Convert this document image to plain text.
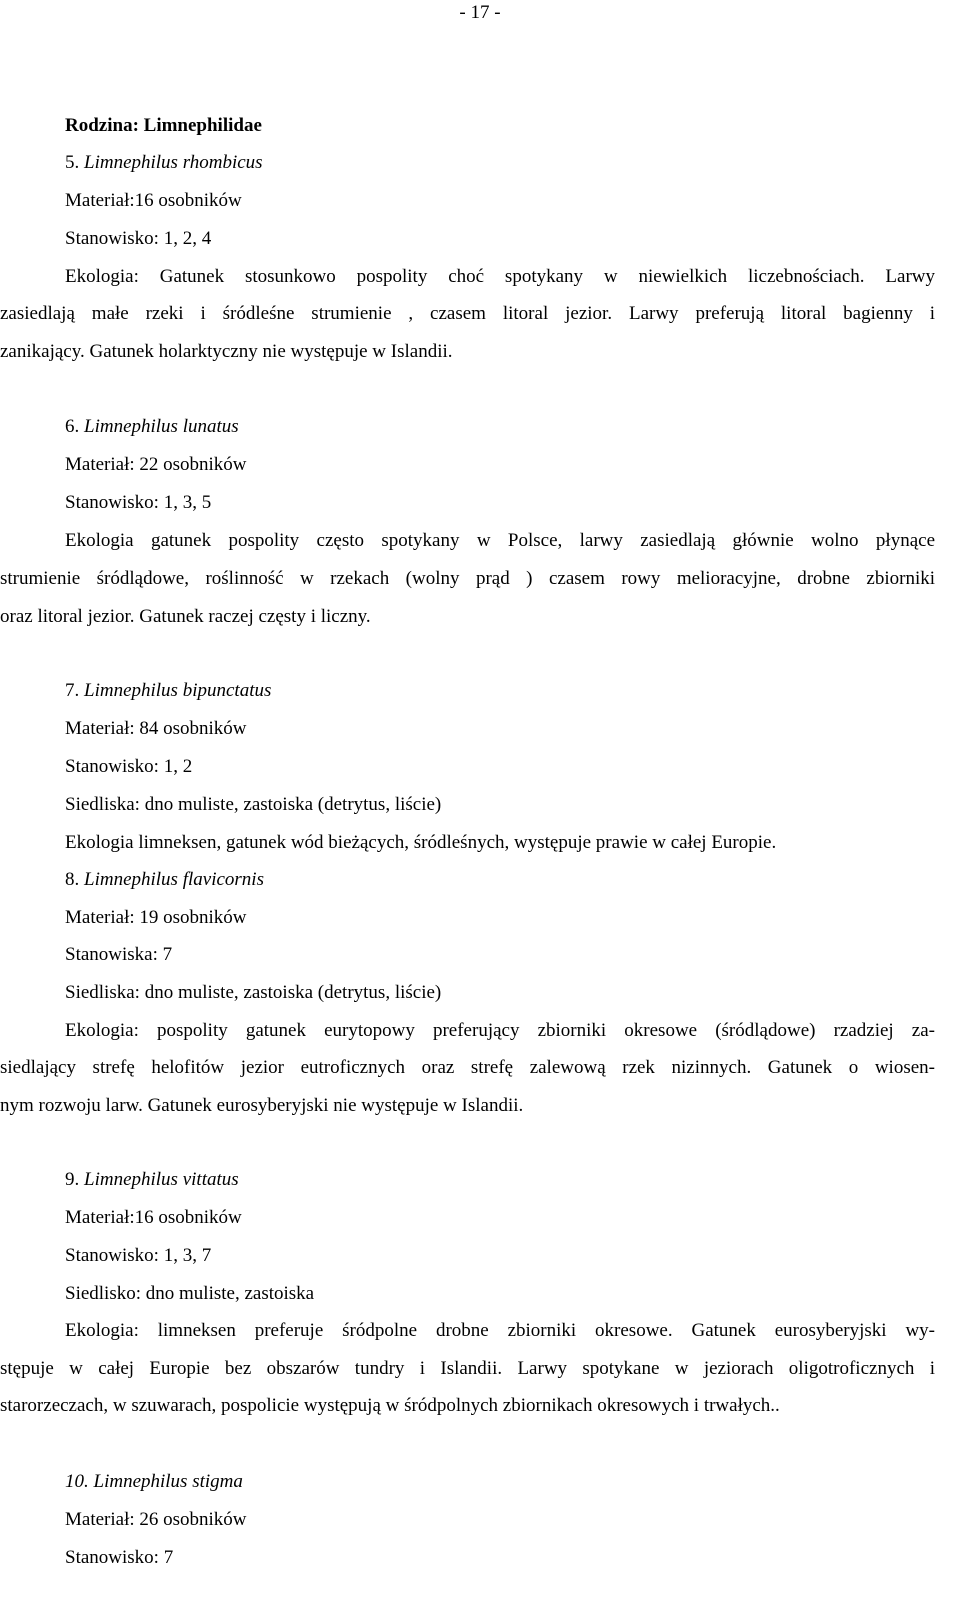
- 17 -
Rodzina: Limnephilidae
5. Limnephilus rhombicus
Materiał:16 osobników
Stanowisko: 1, 2, 4
Ekologia: Gatunek stosunkowo pospolity choć spotykany w niewielkich liczebnościach. Larwy
zasiedlają małe rzeki i śródleśne strumienie , czasem litoral jezior. Larwy preferują litoral bagienny i
zanikający. Gatunek holarktyczny nie występuje w Islandii.
6. Limnephilus lunatus
Materiał: 22 osobników
Stanowisko: 1, 3, 5
Ekologia gatunek pospolity często spotykany w Polsce, larwy zasiedlają głównie wolno płynące
strumienie śródlądowe, roślinność w rzekach (wolny prąd ) czasem rowy melioracyjne, drobne zbiorniki
oraz litoral jezior. Gatunek raczej częsty i liczny.
7. Limnephilus bipunctatus
Materiał: 84 osobników
Stanowisko: 1, 2
Siedliska: dno muliste, zastoiska (detrytus, liście)
Ekologia limneksen, gatunek wód bieżących, śródleśnych, występuje prawie w całej Europie.
8. Limnephilus flavicornis
Materiał: 19 osobników
Stanowiska: 7
Siedliska: dno muliste, zastoiska (detrytus, liście)
Ekologia: pospolity gatunek eurytopowy preferujący zbiorniki okresowe (śródlądowe) rzadziej za-
siedlający strefę helofitów jezior eutroficznych oraz strefę zalewową rzek nizinnych. Gatunek o wiosen-
nym rozwoju larw. Gatunek eurosyberyjski nie występuje w Islandii.
9. Limnephilus vittatus
Materiał:16 osobników
Stanowisko: 1, 3, 7
Siedlisko: dno muliste, zastoiska
Ekologia: limneksen preferuje śródpolne drobne zbiorniki okresowe. Gatunek eurosyberyjski wy-
stępuje w całej Europie bez obszarów tundry i Islandii. Larwy spotykane w jeziorach oligotroficznych i
starorzeczach, w szuwarach, pospolicie występują w śródpolnych zbiornikach okresowych i trwałych..
10. Limnephilus stigma
Materiał: 26 osobników
Stanowisko: 7
